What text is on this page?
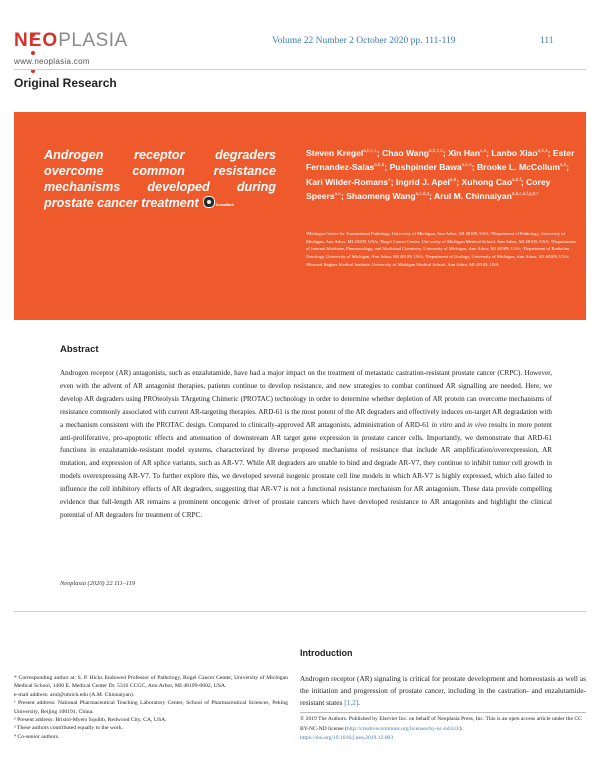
NEOPLASIA
www.neoplasia.com
Volume 22 Number 2 October 2020 pp. 111-119	111
Original Research
Androgen receptor degraders overcome common resistance mechanisms developed during prostate cancer treatment	CrossMark
Steven Kregel$^{a,b,c,1}$; Chao Wang$^{a,b,1,2}$; Xin Han$^{c,3}$; Lanbo Xiao$^{a,b,4}$; Ester Fernandez-Salas$^{a,b,d}$; Pushpinder Bawa$^{a,b,4}$; Brooke L. McCollum$^{a,b}$; Kari Wilder-Romans$^e$; Ingrid J. Apel$^{a,b}$; Xuhong Cao$^{a,b,f}$; Corey Speers$^{a,e}$; Shaomeng Wang$^{a,c,d,3}$; Arul M. Chinnaiyan$^{a,b,c,d,f,g,5,*}$
ᵃMichigan Center for Translational Pathology, University of Michigan, Ann Arbor, MI 48109, USA; ᵇDepartment of Pathology, University of Michigan, Ann Arbor, MI 48109, USA; ᶜRogel Cancer Center, University of Michigan Medical School, Ann Arbor, MI 48109, USA; ᵈDepartments of Internal Medicine, Pharmacology, and Medicinal Chemistry, University of Michigan, Ann Arbor, MI 48109, USA; ᵉDepartment of Radiation Oncology, University of Michigan, Ann Arbor, MI 48109, USA; ᶠDepartment of Urology, University of Michigan, Ann Arbor, MI 48109, USA; ᵍHoward Hughes Medical Institute, University of Michigan Medical School, Ann Arbor, MI 48109, USA
Abstract
Androgen receptor (AR) antagonists, such as enzalutamide, have had a major impact on the treatment of metastatic castration-resistant prostate cancer (CRPC). However, even with the advent of AR antagonist therapies, patients continue to develop resistance, and new strategies to combat continued AR signalling are needed. Here, we develop AR degraders using PROteolysis TArgeting Chimeric (PROTAC) technology in order to determine whether depletion of AR protein can overcome mechanisms of resistance commonly associated with current AR-targeting therapies. ARD-61 is the most potent of the AR degraders and effectively induces on-target AR degradation with a mechanism consistent with the PROTAC design. Compared to clinically-approved AR antagonists, administration of ARD-61 in vitro and in vivo results in more potent anti-proliferative, pro-apoptotic effects and attenuation of downstream AR target gene expression in prostate cancer cells. Importantly, we demonstrate that ARD-61 functions in enzalutamide-resistant model systems, characterized by diverse proposed mechanisms of resistance that include AR amplification/overexpression, AR mutation, and expression of AR splice variants, such as AR-V7. While AR degraders are unable to bind and degrade AR-V7, they continue to inhibit tumor cell growth in models overexpressing AR-V7. To further explore this, we developed several isogenic prostate cell line models in which AR-V7 is highly expressed, which also failed to influence the cell inhibitory effects of AR degraders, suggesting that AR-V7 is not a functional resistance mechanism for AR antagonism. These data provide compelling evidence that full-length AR remains a prominent oncogenic driver of prostate cancers which have developed resistance to AR antagonists and highlight the clinical potential of AR degraders for treatment of CRPC.
Neoplasia (2020) 22 111–119

* Corresponding author at: S. P. Hicks Endowed Professor of Pathology, Rogel Cancer Center, University of Michigan Medical School, 1400 E. Medical Center Dr. 5316 CCGC, Ann Arbor, MI 48109-0602, USA.

e-mail address: arul@umich.edu (A.M. Chinnaiyan).

¹ Present address: National Pharmaceutical Teaching Laboratory Center, School of Pharmaceutical Sciences, Peking University, Beijing 100191, China.

² Present address: Bristol-Myers Squibb, Redwood City, CA, USA.

³ These authors contributed equally to the work.

⁴ Co-senior authors.

Introduction
Androgen receptor (AR) signaling is critical for prostate development and homeostasis as well as the initiation and progression of prostate cancer, including in the castration- and enzalutamide-resistant states [1,2].
© 2019 The Authors. Published by Elsevier Inc. on behalf of Neoplasia Press, Inc. This is an open access article under the CC BY-NC-ND license (http://creativecommons.org/licenses/by-nc-nd/4.0/).
https://doi.org/10.1016/j.neo.2019.12.003
